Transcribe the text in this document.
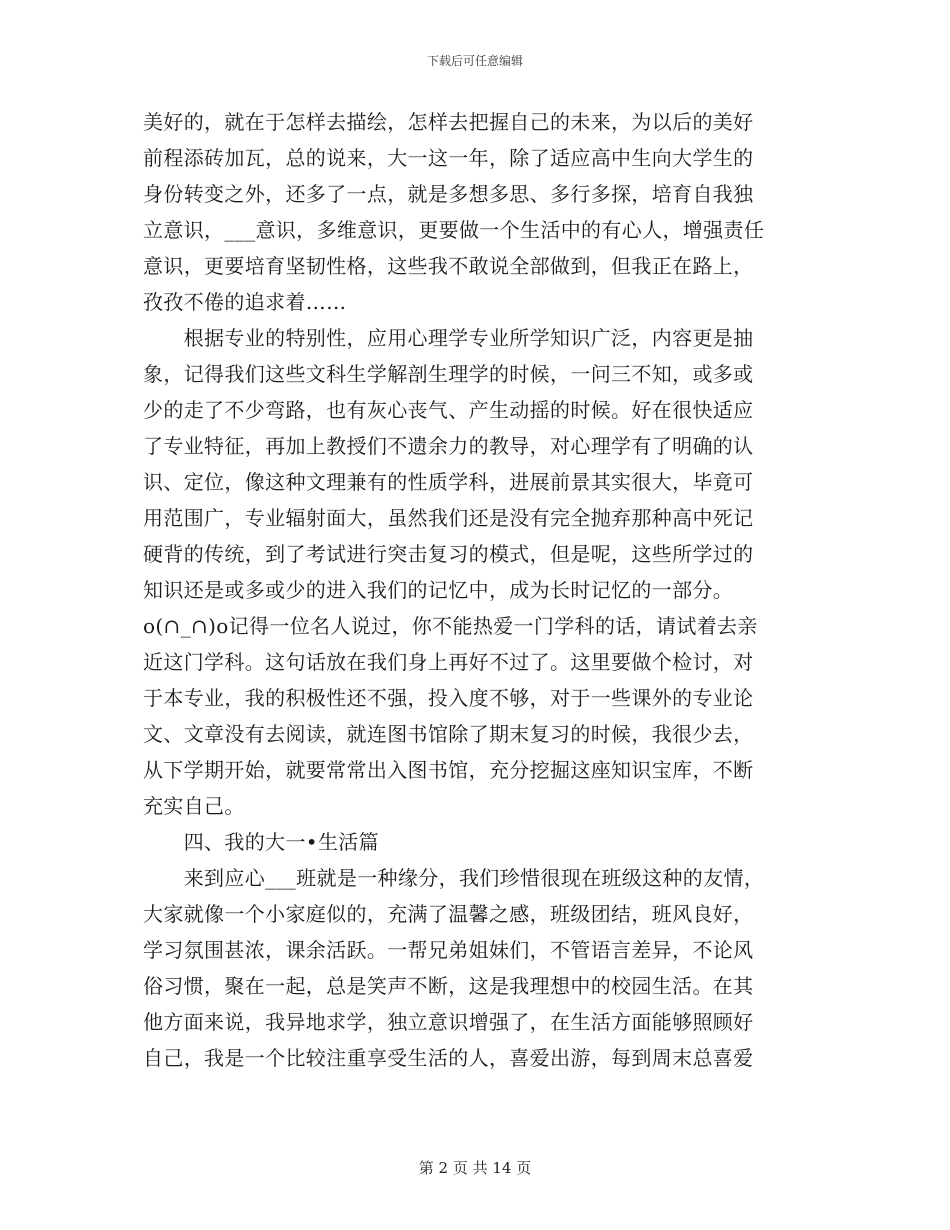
下载后可任意编辑
美好的，就在于怎样去描绘，怎样去把握自己的未来，为以后的美好
前程添砖加瓦，总的说来，大一这一年，除了适应高中生向大学生的
身份转变之外，还多了一点，就是多想多思、多行多探，培育自我独
立意识，___意识，多维意识，更要做一个生活中的有心人，增强责任
意识，更要培育坚韧性格，这些我不敢说全部做到，但我正在路上，
孜孜不倦的追求着……
　　根据专业的特别性，应用心理学专业所学知识广泛，内容更是抽
象，记得我们这些文科生学解剖生理学的时候，一问三不知，或多或
少的走了不少弯路，也有灰心丧气、产生动摇的时候。好在很快适应
了专业特征，再加上教授们不遗余力的教导，对心理学有了明确的认
识、定位，像这种文理兼有的性质学科，进展前景其实很大，毕竟可
用范围广，专业辐射面大，虽然我们还是没有完全抛弃那种高中死记
硬背的传统，到了考试进行突击复习的模式，但是呢，这些所学过的
知识还是或多或少的进入我们的记忆中，成为长时记忆的一部分。
o(∩_∩)o记得一位名人说过，你不能热爱一门学科的话，请试着去亲
近这门学科。这句话放在我们身上再好不过了。这里要做个检讨，对
于本专业，我的积极性还不强，投入度不够，对于一些课外的专业论
文、文章没有去阅读，就连图书馆除了期末复习的时候，我很少去，
从下学期开始，就要常常出入图书馆，充分挖掘这座知识宝库，不断
充实自己。
　　四、我的大一•生活篇
　　来到应心___班就是一种缘分，我们珍惜很现在班级这种的友情，
大家就像一个小家庭似的，充满了温馨之感，班级团结，班风良好，
学习氛围甚浓，课余活跃。一帮兄弟姐妹们，不管语言差异，不论风
俗习惯，聚在一起，总是笑声不断，这是我理想中的校园生活。在其
他方面来说，我异地求学，独立意识增强了，在生活方面能够照顾好
自己，我是一个比较注重享受生活的人，喜爱出游，每到周末总喜爱
第 2 页 共 14 页
